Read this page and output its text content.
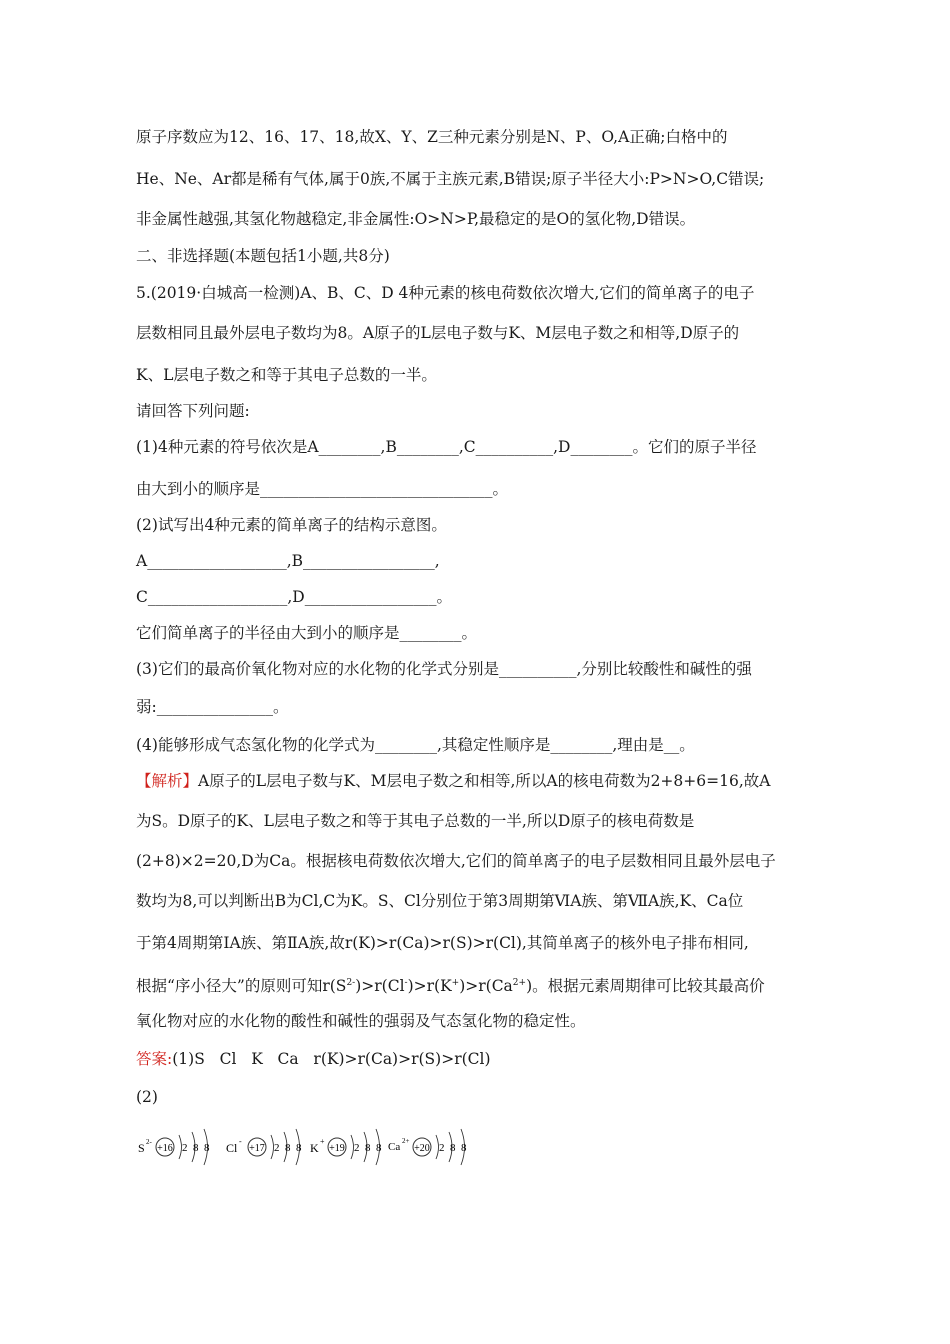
原子序数应为12、16、17、18,故X、Y、Z三种元素分别是N、P、O,A正确;白格中的
He、Ne、Ar都是稀有气体,属于0族,不属于主族元素,B错误;原子半径大小:P>N>O,C错误;
非金属性越强,其氢化物越稳定,非金属性:O>N>P,最稳定的是O的氢化物,D错误。
二、非选择题(本题包括1小题,共8分)
5.(2019·白城高一检测)A、B、C、D 4种元素的核电荷数依次增大,它们的简单离子的电子
层数相同且最外层电子数均为8。A原子的L层电子数与K、M层电子数之和相等,D原子的
K、L层电子数之和等于其电子总数的一半。
请回答下列问题:
(1)4种元素的符号依次是A________,B________,C__________,D________。它们的原子半径
由大到小的顺序是______________________________。
(2)试写出4种元素的简单离子的结构示意图。
A__________________,B_________________,
C__________________,D_________________。
它们简单离子的半径由大到小的顺序是________。
(3)它们的最高价氧化物对应的水化物的化学式分别是__________,分别比较酸性和碱性的强
弱:_______________。
(4)能够形成气态氢化物的化学式为________,其稳定性顺序是________,理由是__。
【解析】A原子的L层电子数与K、M层电子数之和相等,所以A的核电荷数为2+8+6=16,故A
为S。D原子的K、L层电子数之和等于其电子总数的一半,所以D原子的核电荷数是
(2+8)×2=20,D为Ca。根据核电荷数依次增大,它们的简单离子的电子层数相同且最外层电子
数均为8,可以判断出B为Cl,C为K。S、Cl分别位于第3周期第ⅥA族、第ⅦA族,K、Ca位
于第4周期第ⅠA族、第ⅡA族,故r(K)>r(Ca)>r(S)>r(Cl),其简单离子的核外电子排布相同,
根据“序小径大”的原则可知$r(S^{2-})>r(Cl^-)>r(K^+)>r(Ca^{2+})$。根据元素周期律可比较其最高价
氧化物对应的水化物的酸性和碱性的强弱及气态氢化物的稳定性。
答案:(1)S   Cl   K   Ca   r(K)>r(Ca)>r(S)>r(Cl)
(2)
S 2-
+16 2 8 8 Cl -
+17 2 8 8 K +
+19 2 8 8 Ca 2+
+20 2 8 8
